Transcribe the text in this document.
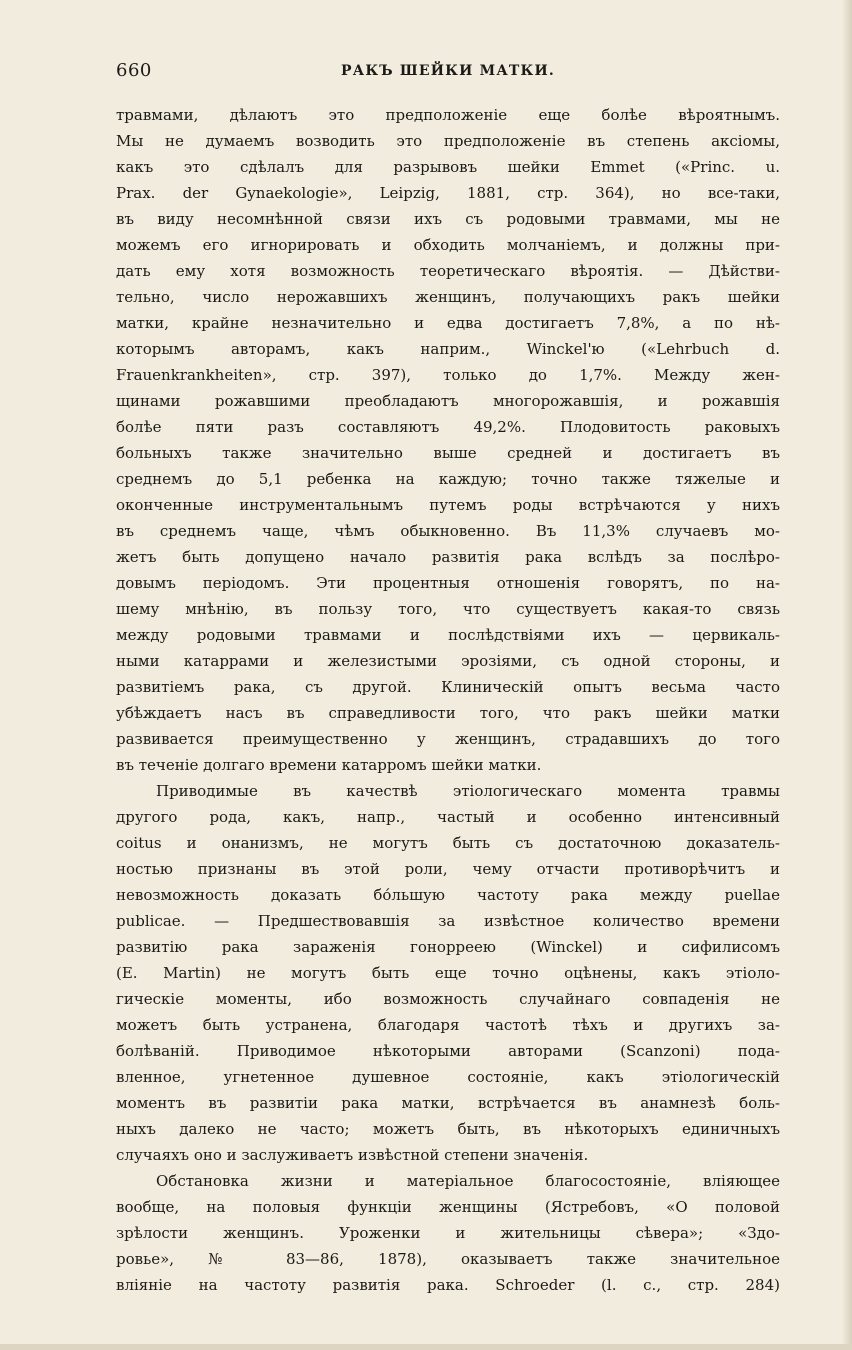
660	РАКЪ ШЕЙКИ МАТКИ.
травмами, дѣлаютъ это предположеніе еще болѣе вѣроятнымъ.
Мы не думаемъ возводить это предположеніе въ степень аксіомы,
какъ это сдѣлалъ для разрывовъ шейки Emmet («Princ. u.
Prax. der Gynaekologie», Leipzig, 1881, стр. 364), но все-таки,
въ виду несомнѣнной связи ихъ съ родовыми травмами, мы не
можемъ его игнорировать и обходить молчаніемъ, и должны при-
дать ему хотя возможность теоретическаго вѣроятія. — Дѣйстви-
тельно, число нерожавшихъ женщинъ, получающихъ ракъ шейки
матки, крайне незначительно и едва достигаетъ 7,8%, а по нѣ-
которымъ авторамъ, какъ наприм., Winckel'ю («Lehrbuch d.
Frauenkrankheiten», стр. 397), только до 1,7%. Между жен-
щинами рожавшими преобладаютъ многорожавшія, и рожавшія
болѣе пяти разъ составляютъ 49,2%. Плодовитость раковыхъ
больныхъ также значительно выше средней и достигаетъ въ
среднемъ до 5,1 ребенка на каждую; точно также тяжелые и
оконченные инструментальнымъ путемъ роды встрѣчаются у нихъ
въ среднемъ чаще, чѣмъ обыкновенно. Въ 11,3% случаевъ мо-
жетъ быть допущено начало развитія рака вслѣдъ за послѣро-
довымъ періодомъ. Эти процентныя отношенія говорятъ, по на-
шему мнѣнію, въ пользу того, что существуетъ какая-то связь
между родовыми травмами и послѣдствіями ихъ — цервикаль-
ными катаррами и железистыми эрозіями, съ одной стороны, и
развитіемъ рака, съ другой. Клиническій опытъ весьма часто
убѣждаетъ насъ въ справедливости того, что ракъ шейки матки
развивается преимущественно у женщинъ, страдавшихъ до того
въ теченіе долгаго времени катарромъ шейки матки.
Приводимые въ качествѣ этіологическаго момента травмы
другого рода, какъ, напр., частый и особенно интенсивный
coitus и онанизмъ, не могутъ быть съ достаточною доказатель-
ностью признаны въ этой роли, чему отчасти противорѣчитъ и
невозможность доказать бо́льшую частоту рака между puellae
publicae. — Предшествовавшія за извѣстное количество времени
развитію рака зараженія гонорреею (Winckel) и сифилисомъ
(E. Martin) не могутъ быть еще точно оцѣнены, какъ этіоло-
гическіе моменты, ибо возможность случайнаго совпаденія не
можетъ быть устранена, благодаря частотѣ тѣхъ и другихъ за-
болѣваній. Приводимое нѣкоторыми авторами (Scanzoni) пода-
вленное, угнетенное душевное состояніе, какъ этіологическій
моментъ въ развитіи рака матки, встрѣчается въ анамнезѣ боль-
ныхъ далеко не часто; можетъ быть, въ нѣкоторыхъ единичныхъ
случаяхъ оно и заслуживаетъ извѣстной степени значенія.
Обстановка жизни и матеріальное благосостояніе, вліяющее
вообще, на половыя функціи женщины (Ястребовъ, «О половой
зрѣлости женщинъ. Уроженки и жительницы сѣвера»; «Здо-
ровье», № 83—86, 1878), оказываетъ также значительное
вліяніе на частоту развитія рака. Schroeder (l. c., стр. 284)
